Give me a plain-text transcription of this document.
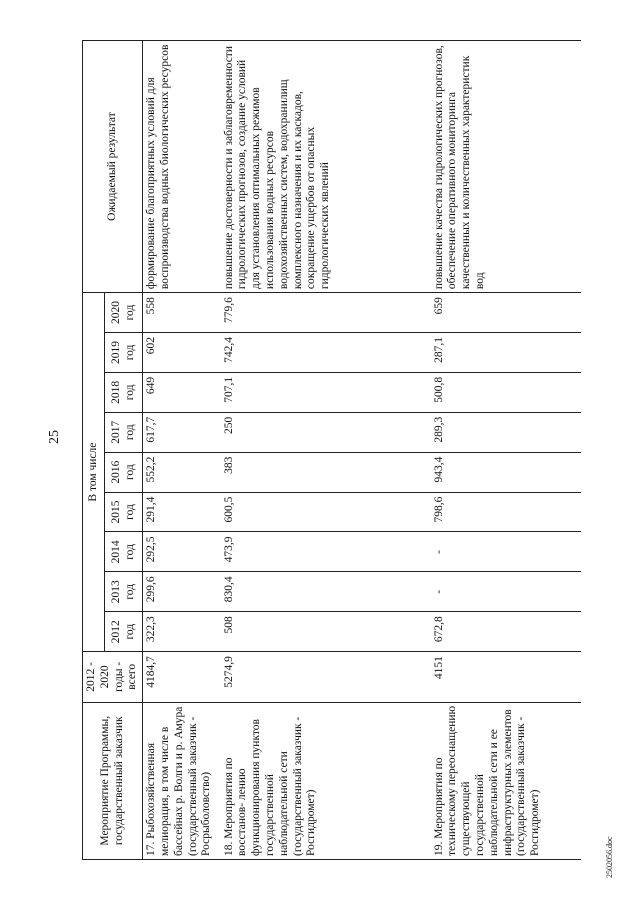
25
Мероприятие Программы, государственный заказчик	2012 - 2020 годы - всего	В том числе									Ожидаемый результат
		2012 год	2013 год	2014 год	2015 год	2016 год	2017 год	2018 год	2019 год	2020 год	
17. Рыбохозяйственная мелиорация, в том числе в бассейнах р. Волги и р. Амура (государственный заказчик - Росрыболовство)	4184,7	322,3	299,6	292,5	291,4	552,2	617,7	649	602	558	формирование благоприятных условий для воспроизводства водных биологических ресурсов
18. Мероприятия по восстанов- лению функционирования пунктов государственной наблюдательной сети (государственный заказчик - Росгидромет)	5274,9	508	830,4	473,9	600,5	383	250	707,1	742,4	779,6	повышение достоверности и заблаговременности гидрологических прогнозов, создание условий для установления оптимальных режимов использования водных ресурсов водохозяйственных систем, водохранилищ комплексного назначения и их каскадов, сокращение ущербов от опасных гидрологических явлений
19. Мероприятия по техническому переоснащению существующей государственной наблюдательной сети и ее инфраструктурных элементов (государственный заказчик - Росгидромет)	4151	672,8	-	-	798,6	943,4	289,3	500,8	287,1	659	повышение качества гидрологических прогнозов, обеспечение оперативного мониторинга качественных и количественных характеристик вод
2502056.doc
